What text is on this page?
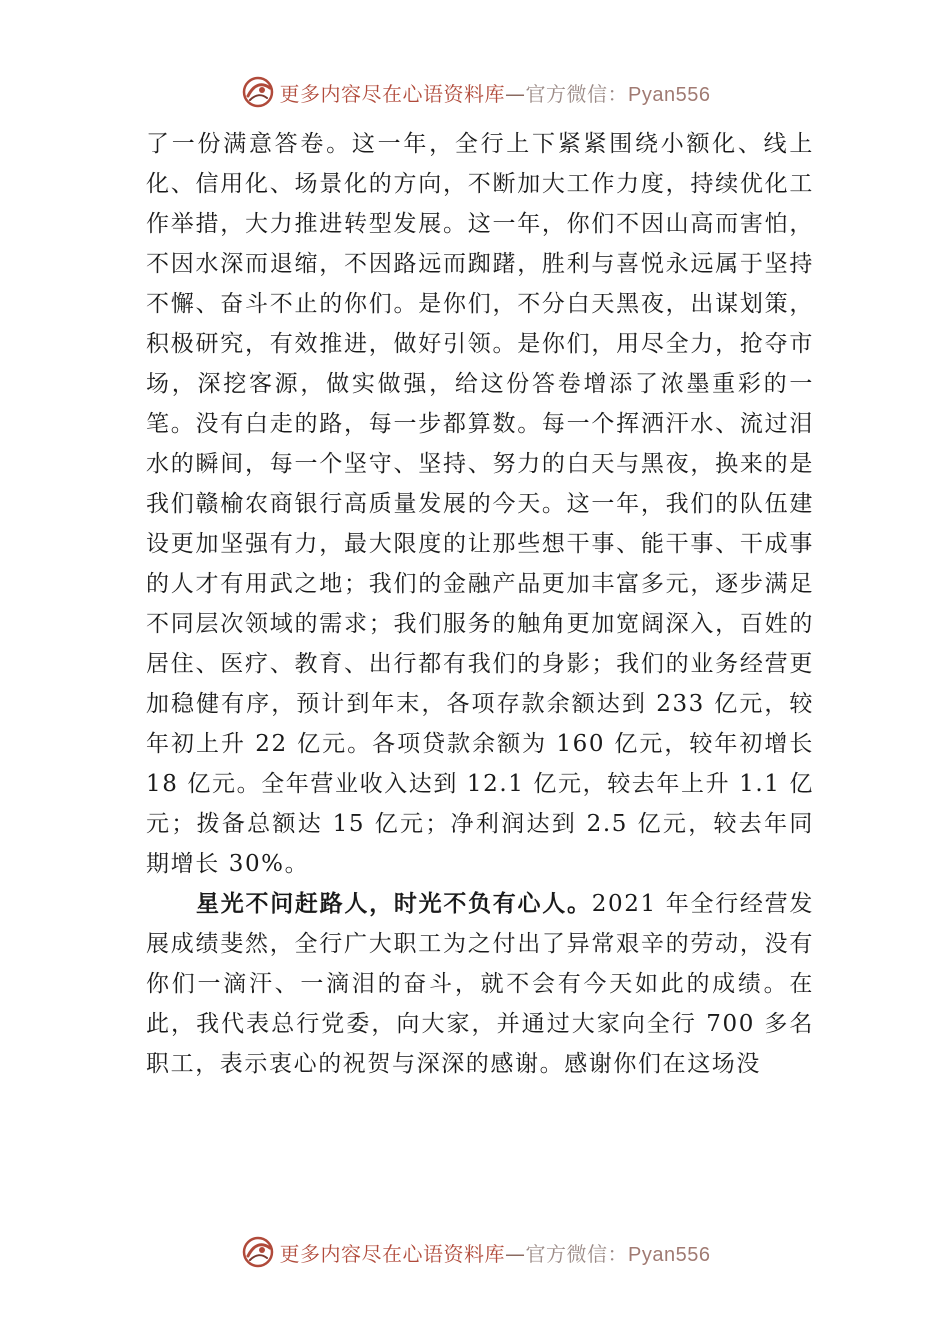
更多内容尽在心语资料库—官方微信：Pyan556

了一份满意答卷。这一年，全行上下紧紧围绕小额化、线上化、信用化、场景化的方向，不断加大工作力度，持续优化工作举措，大力推进转型发展。这一年，你们不因山高而害怕，不因水深而退缩，不因路远而踟躇，胜利与喜悦永远属于坚持不懈、奋斗不止的你们。是你们，不分白天黑夜，出谋划策，积极研究，有效推进，做好引领。是你们，用尽全力，抢夺市场，深挖客源，做实做强，给这份答卷增添了浓墨重彩的一笔。没有白走的路，每一步都算数。每一个挥洒汗水、流过泪水的瞬间，每一个坚守、坚持、努力的白天与黑夜，换来的是我们赣榆农商银行高质量发展的今天。这一年，我们的队伍建设更加坚强有力，最大限度的让那些想干事、能干事、干成事的人才有用武之地；我们的金融产品更加丰富多元，逐步满足不同层次领域的需求；我们服务的触角更加宽阔深入，百姓的居住、医疗、教育、出行都有我们的身影；我们的业务经营更加稳健有序，预计到年末，各项存款余额达到 233 亿元，较年初上升 22 亿元。各项贷款余额为 160 亿元，较年初增长 18 亿元。全年营业收入达到 12.1 亿元，较去年上升 1.1 亿元；拨备总额达 15 亿元；净利润达到 2.5 亿元，较去年同期增长 30%。

星光不问赶路人，时光不负有心人。2021 年全行经营发展成绩斐然，全行广大职工为之付出了异常艰辛的劳动，没有你们一滴汗、一滴泪的奋斗，就不会有今天如此的成绩。在此，我代表总行党委，向大家，并通过大家向全行 700 多名职工，表示衷心的祝贺与深深的感谢。感谢你们在这场没

更多内容尽在心语资料库—官方微信：Pyan556
